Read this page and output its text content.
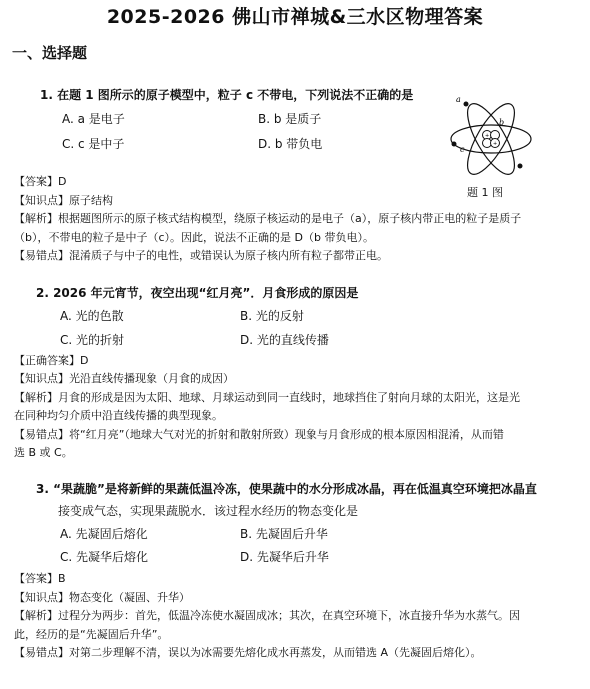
2025-2026 佛山市禅城&三水区物理答案
一、选择题
1. 在题 1 图所示的原子模型中，粒子 c 不带电，下列说法不正确的是
A. a 是电子	B. b 是质子
C. c 是中子	D. b 带负电
+
+
a
b
c
题 1 图
【答案】D
【知识点】原子结构
【解析】根据题图所示的原子核式结构模型，绕原子核运动的是电子（a），原子核内带正电的粒子是质子
（b），不带电的粒子是中子（c）。因此，说法不正确的是 D（b 带负电）。
【易错点】混淆质子与中子的电性，或错误认为原子核内所有粒子都带正电。
2. 2026 年元宵节，夜空出现“红月亮”．月食形成的原因是
A. 光的色散	B. 光的反射
C. 光的折射	D. 光的直线传播
【正确答案】D
【知识点】光沿直线传播现象（月食的成因）
【解析】月食的形成是因为太阳、地球、月球运动到同一直线时，地球挡住了射向月球的太阳光，这是光
在同种均匀介质中沿直线传播的典型现象。
【易错点】将“红月亮”（地球大气对光的折射和散射所致）现象与月食形成的根本原因相混淆，从而错
选 B 或 C。
3. “果蔬脆”是将新鲜的果蔬低温冷冻，使果蔬中的水分形成冰晶，再在低温真空环境把冰晶直
接变成气态，实现果蔬脱水．该过程水经历的物态变化是
A. 先凝固后熔化	B. 先凝固后升华
C. 先凝华后熔化	D. 先凝华后升华
【答案】B
【知识点】物态变化（凝固、升华）
【解析】过程分为两步：首先，低温冷冻使水凝固成冰；其次，在真空环境下，冰直接升华为水蒸气。因
此，经历的是“先凝固后升华”。
【易错点】对第二步理解不清，误以为冰需要先熔化成水再蒸发，从而错选 A（先凝固后熔化）。
